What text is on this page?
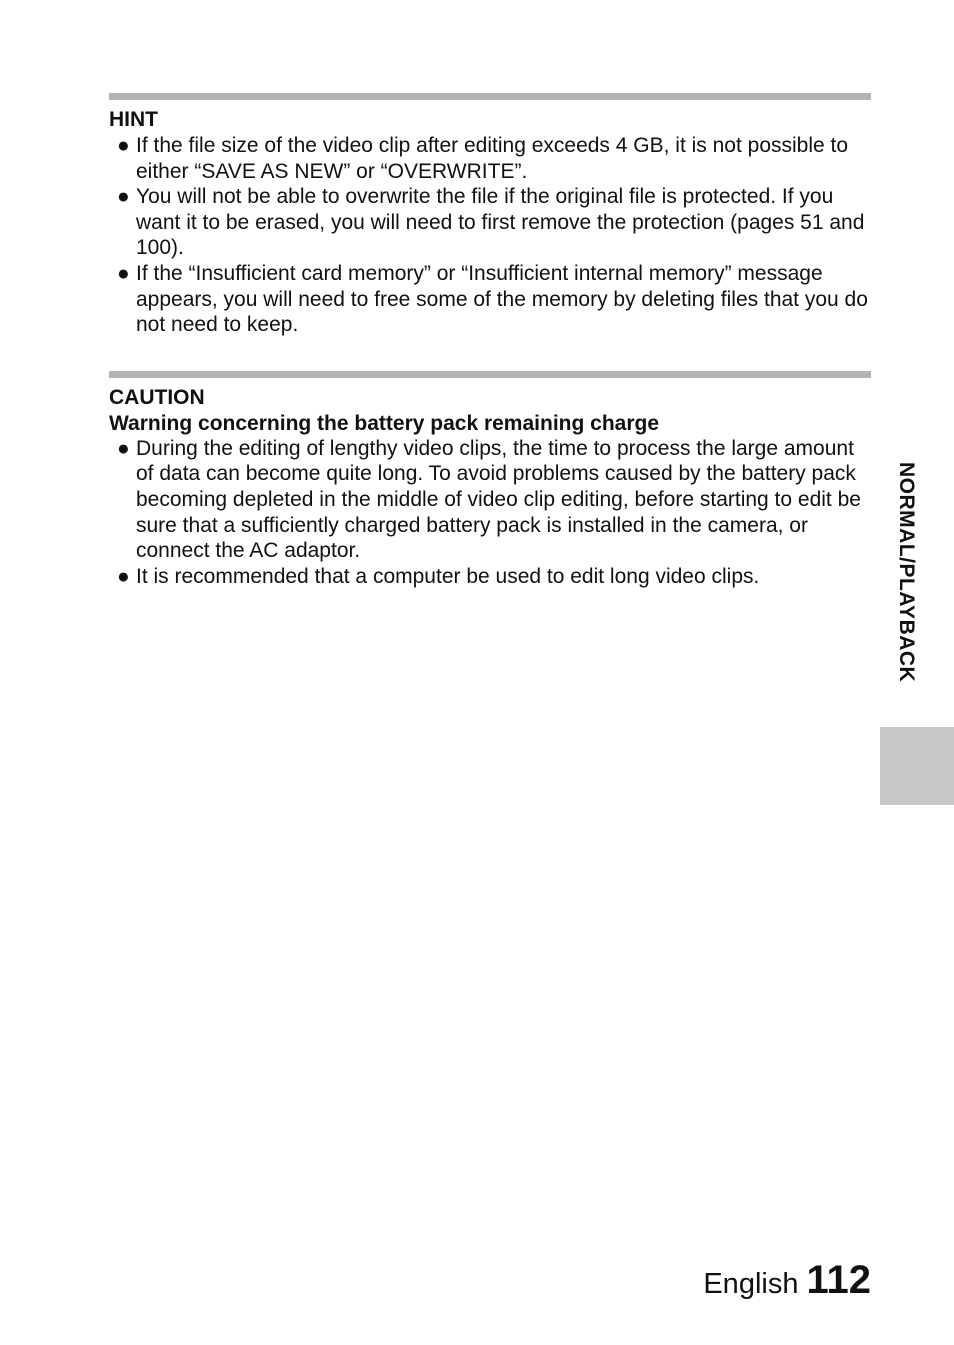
HINT
● If the file size of the video clip after editing exceeds 4 GB, it is not possible to either “SAVE AS NEW” or “OVERWRITE”.
● You will not be able to overwrite the file if the original file is protected. If you want it to be erased, you will need to first remove the protection (pages 51 and 100).
● If the “Insufficient card memory” or “Insufficient internal memory” message appears, you will need to free some of the memory by deleting files that you do not need to keep.
CAUTION
Warning concerning the battery pack remaining charge
● During the editing of lengthy video clips, the time to process the large amount of data can become quite long. To avoid problems caused by the battery pack becoming depleted in the middle of video clip editing, before starting to edit be sure that a sufficiently charged battery pack is installed in the camera, or connect the AC adaptor.
● It is recommended that a computer be used to edit long video clips.	NORMAL/PLAYBACK
English 112
